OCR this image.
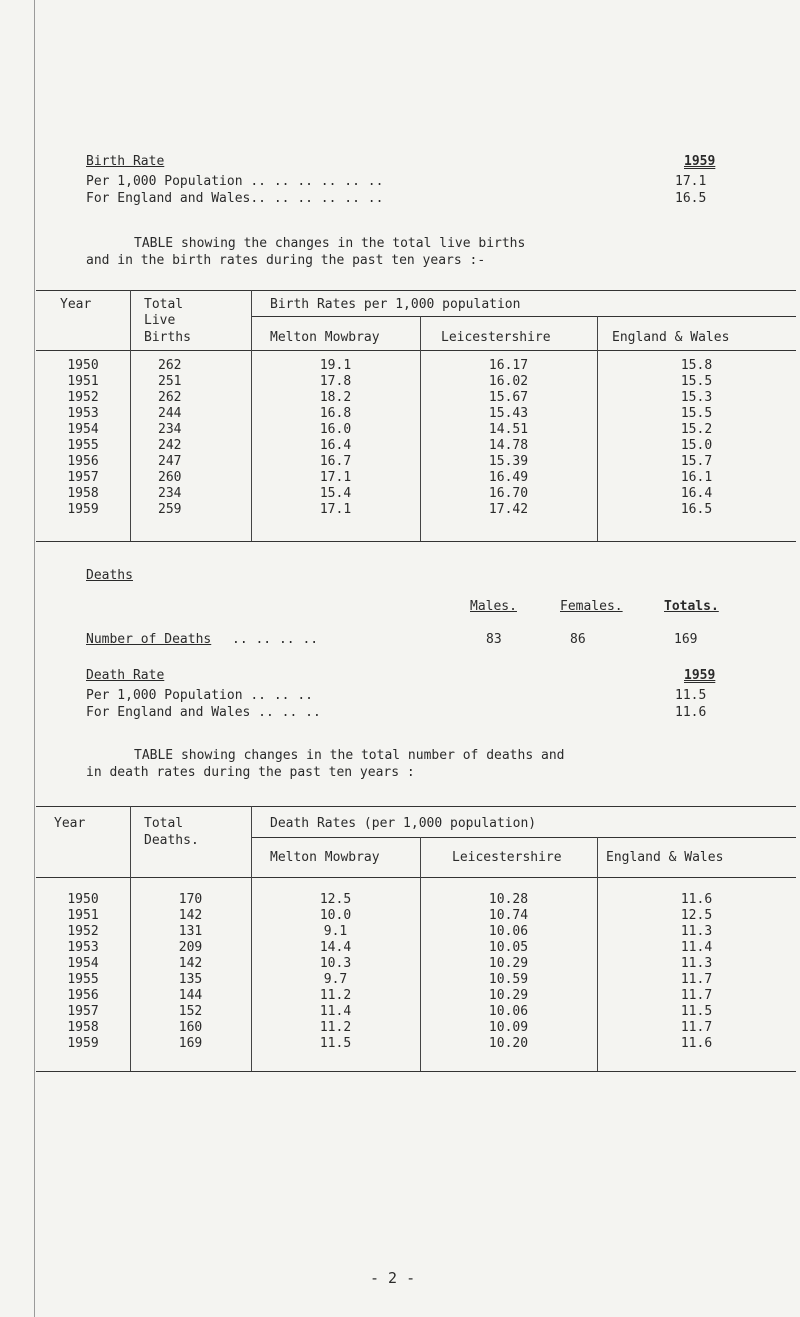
Birth Rate	1959
Per 1,000 Population .. .. .. .. .. ..	17.1
For England and Wales.. .. .. .. .. ..	16.5
TABLE showing the changes in the total live births
and in the birth rates during the past ten years :-
Year	Total
Live
Births
Birth Rates per 1,000 population
Melton Mowbray	Leicestershire	England & Wales
1950	262	19.1	16.17	15.8
1951	251	17.8	16.02	15.5
1952	262	18.2	15.67	15.3
1953	244	16.8	15.43	15.5
1954	234	16.0	14.51	15.2
1955	242	16.4	14.78	15.0
1956	247	16.7	15.39	15.7
1957	260	17.1	16.49	16.1
1958	234	15.4	16.70	16.4
1959	259	17.1	17.42	16.5
Deaths
Males.	Females.	Totals.
Number of Deaths .. .. .. ..	83	86	169
Death Rate	1959
Per 1,000 Population .. .. ..	11.5
For England and Wales .. .. ..	11.6
TABLE showing changes in the total number of deaths and
in death rates during the past ten years :
Year	Total
Deaths.
Death Rates (per 1,000 population)
Melton Mowbray	Leicestershire	England & Wales
1950	170	12.5	10.28	11.6
1951	142	10.0	10.74	12.5
1952	131	9.1	10.06	11.3
1953	209	14.4	10.05	11.4
1954	142	10.3	10.29	11.3
1955	135	9.7	10.59	11.7
1956	144	11.2	10.29	11.7
1957	152	11.4	10.06	11.5
1958	160	11.2	10.09	11.7
1959	169	11.5	10.20	11.6
- 2 -
